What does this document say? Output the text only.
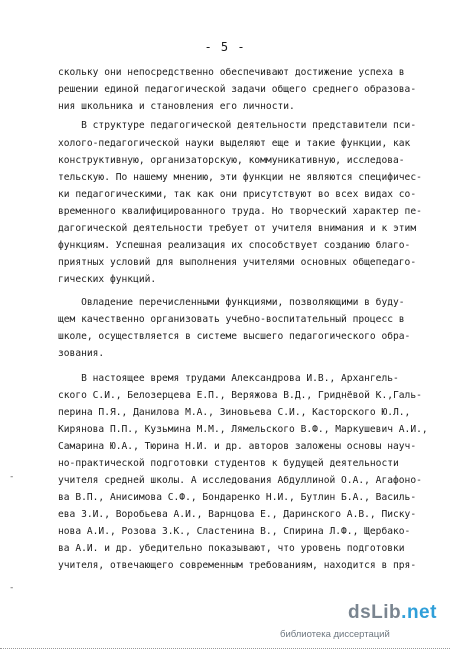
- 5 -
-
-
скольку они непосредственно обеспечивают достижение успеха в
решении единой педагогической задачи общего среднего образова-
ния школьника и становления его личности.
В структуре педагогической деятельности представители пси-
холого-педагогической науки выделяют еще и такие функции, как
конструктивную, организаторскую, коммуникативную, исследова-
тельскую. По нашему мнению, эти функции не являются специфичес-
ки педагогическими, так как они присутствуют во всех видах со-
временного квалифицированного труда. Но творческий характер пе-
дагогической деятельности требует от учителя внимания и к этим
функциям. Успешная реализация их способствует созданию благо-
приятных условий для выполнения учителями основных общепедаго-
гических функций.
Овладение перечисленными функциями, позволяющими в буду-
щем качественно организовать учебно-воспитательный процесс в
школе, осуществляется в системе высшего педагогического обра-
зования.
В настоящее время трудами Александрова И.В., Архангель-
ского С.И., Белозерцева Е.П., Веряжова В.Д., Гриднёвой К.,Галь-
перина П.Я., Данилова М.А., Зиновьева С.И., Касторского Ю.Л.,
Киряновa П.П., Кузьмина М.М., Лямельского В.Ф., Маркушевич А.И.,
Самарина Ю.А., Тюрина Н.И. и др. авторов заложены основы науч-
но-практической подготовки студентов к будущей деятельности
учителя средней школы. А исследования Абдуллиной О.А., Агафоно-
ва В.П., Анисимова С.Ф., Бондаренко Н.И., Бутлин Б.А., Василь-
ева З.И., Воробьева А.И., Варнцова Е., Даринского А.В., Пиcку-
нова А.И., Розова З.К., Сластенина В., Спирина Л.Ф., Щербако-
ва А.И. и др. убедительно показывают, что уровень подготовки
учителя, отвечающего современным требованиям, находится в пря-
dsLib.net
библиотека диссертаций
